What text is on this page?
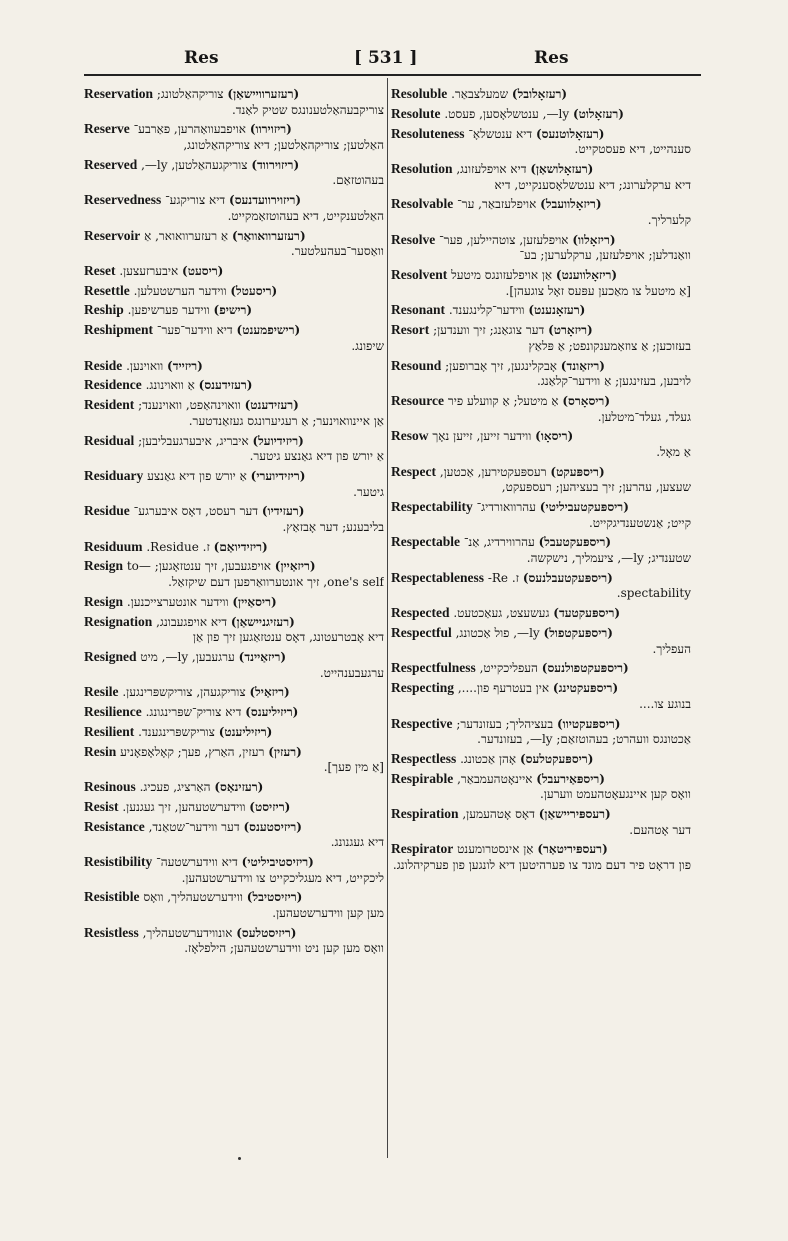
Res	[ 531 ]	Res
Reservation	(רעזערוויישאַן) צוריקהאַלטונג;
צוריקבעהאַלטענונגס שטיק לאַנד.
Reserve	(ריזוירוו) אויפבעוואַהרען, פאַרבע־
האַלטען; צוריקהאַלטען; דיא צוריקהאַלטונג,
Reserved	(ריזוירווד) צוריקגעהאַלטען, ly—,
בעהוטזאַם.
Reservedness	(ריזוירוועדנעס) דיא צוריקגע־
האַלטענקייט, דיא בעהוטזאַמקייט.
Reservoir	(רעזערוואוואַר) אַ רעזערוואואר, אַ
וואַסער־בעהעלטער.
Reset	(ריסעט) איבערזעצען.
Resettle	(ריסעטל) ווידער הערשטעלען.
Reship	(רישיפ) ווידער פערשיפען.
Reshipment	(רישיפמענט) דיא ווידער־פער־
שיפונג.
Reside	(ריזייד) וואוינען.
Residence	(רעזידענס) אַ וואוינונג.
Resident	(רעזידענט) וואוינהאַפט, וואוינענד;
אַן איינוואוינער; אַ רעגיערונגס געזאַנדטער.
Residual	(ריזידיועל) איבריג, איבערגעבליבען;
אַ יורש פון דיא גאַנצע גיטער.
Residuary	(ריזידיוערי) אַ יורש פון דיא גאַנצע
גיטער.
Residue	(רעזידיו) דער רעסט, דאָס איבערגע־
בליבענע; דער אָבזאַץ.
Residuum	(ריזידיואַם) ז. Residue.
Resign	(ריזאַיין) אויפגעבען, זיך ענטזאָגען; —to
one's self, זיך אונטערוואַרפען דעם שיקזאַל.
Resign	(ריסאַיין) ווידער אונטערצייכנען.
Resignation	(רעזיגניישאַן) דיא אויפגעבונג,
דיא אָבטרעטונג, דאָס ענטזאַגען זיך פון אַן
Resigned	(ריזאַיינד) ערגעבען, ly—, מיט
ערגעבענהייט.
Resile	(ריזאַיל) צוריקגעהן, צוריקשפּרינגען.
Resilience	(ריזיליענס) דיא צוריק־שפּרינגונג.
Resilient	(ריזיליענט) צוריקשפּרינגענד.
Resin	(רעזין) רעזין, האַרץ, פעך; קאָלאָפאָניע
[אַ מין פעך].
Resinous	(רעזינאַס) האַרציג, פעכיג.
Resist	(ריזיסט) ווידערשטעהען, זיך געגנען.
Resistance	(ריזיסטענס) דער ווידער־שטאַנד,
דיא געגנונג.
Resistibility	(ריזיסטיביליטי) דיא ווידערשטעה־
ליכקייט, דיא מעגליכקייט צו ווידערשטעהען.
Resistible	(ריזיסטיבל) ווידערשטעהליך, וואָס
מען קען ווידערשטעהען.
Resistless	(ריזיסטלעס) אונווידערשטעהליך,
וואָס מען קען ניט ווידערשטעהען; הילפלאָז.
Resoluble	(רעזאָלובל) שמעלצבאַר.
Resolute	(רעזאָלוט) ly—, ענטשלאָסען, פעסט.
Resoluteness	(רעזאָלוטנעס) דיא ענטשלאָ־
סענהייט, דיא פעסטקייט.
Resolution	(רעזאָלושאַן) דיא אויפלעזונג,
דיא ערקלערונג; דיא ענטשלאָסענקייט, דיא
Resolvable	(ריזאָלוועבל) אויפלעזבאַר, ער־
קלערליך.
Resolve	(ריזאָלוו) אויפלעזען, צוטהיילען, פער־
וואַנדלען; אויפלעזען, ערקלערען; בע־
Resolvent	(ריזאָלווענט) אַן אויפלעזונגס מיטעל
[אַ מיטעל צו מאַכען עפּעס זאָל צוגעהן].
Resonant	(רעזאָנענט) ווידער־קלינגענד.
Resort	(ריזאָרט) דער צוגאַנג; זיך ווענדען;
בעזוכען; אַ צוזאַמענקונפט; אַ פּלאַץ
Resound	(ריזאַונד) אָבקלינגען, זיך אָברופען;
לויבען, בעזינגען; אַ ווידער־קלאַנג.
Resource	(ריסאָרס) אַ מיטעל; אַ קוועלע פיר
געלד, געלד־מיטלען.
Resow	(ריסאָו) ווידער זייען, זייען נאָך
אַ מאָל.
Respect	(ריספּעקט) רעספּעקטירען, אַכטען,
שעצען, עהרען; זיך בעציהען; רעספּעקט,
Respectability	(ריספּעקטעביליטי) עהרוואורדיג־
קייט; אַנשטענדיגקייט.
Respectable	(ריספּעקטעבל) עהרווירדיג, אַנ־
שטענדיג; ly—, ציעמליך, נישקשה.
Respectableness	(ריספּעקטעבלנעס) ז. Re-
spectability.
Respected	(ריספּעקטעד) געשעצט, געאַכטעט.
Respectful	(ריספּעקטפול) ly—, פול אַכטונג,
העפליך.
Respectfulness	(ריספּעקטפולנעס) העפליכקייט,
Respecting	(ריספּעקטינג) אין בעטרעף פון....,
בנוגע צו....
Respective	(ריספּעקטיוו) בעציהליך; בעזונדער;
אַכטונגס וועהרט; בעהוטזאַם; ly—, בעזונדער.
Respectless	(ריספּעקטלעס) אָהן אַכטונג.
Respirable	(ריספּאַירעבל) איינאָטהעמבאַר,
וואָס קען איינגעאָטהעמט ווערען.
Respiration	(רעספּיריישאַן) דאָס אָטהעמען,
דער אָטהעם.
Respirator	(רעספּיריטאַר) אַן אינסטרומענט
פון דראָט פיר דעם מונד צו פערהיטען דיא לונגען פון פערקיהלונג.
